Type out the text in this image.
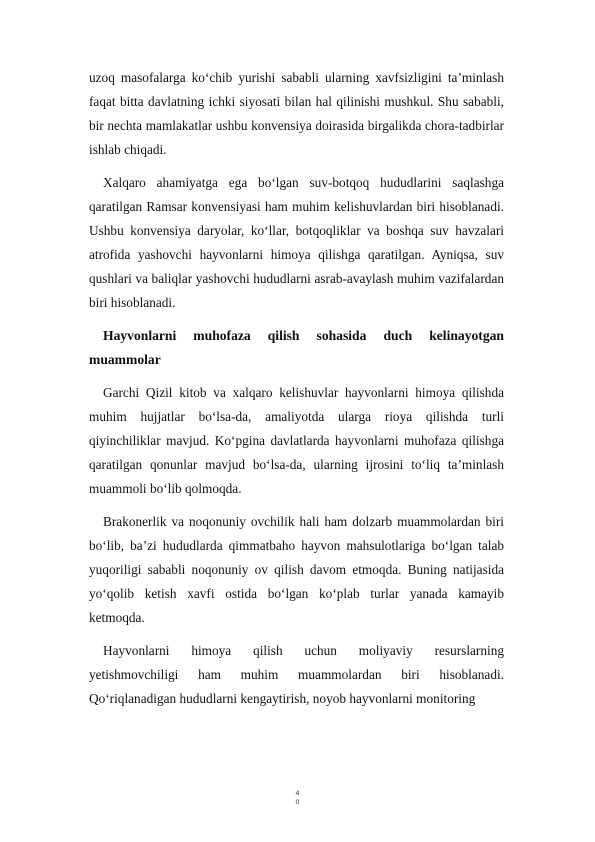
uzoq masofalarga ko‘chib yurishi sababli ularning xavfsizligini ta’minlash faqat bitta davlatning ichki siyosati bilan hal qilinishi mushkul. Shu sababli, bir nechta mamlakatlar ushbu konvensiya doirasida birgalikda chora-tadbirlar ishlab chiqadi.

Xalqaro ahamiyatga ega bo‘lgan suv-botqoq hududlarini saqlashga qaratilgan Ramsar konvensiyasi ham muhim kelishuvlardan biri hisoblanadi. Ushbu konvensiya daryolar, ko‘llar, botqoqliklar va boshqa suv havzalari atrofida yashovchi hayvonlarni himoya qilishga qaratilgan. Ayniqsa, suv qushlari va baliqlar yashovchi hududlarni asrab-avaylash muhim vazifalardan biri hisoblanadi.

Hayvonlarni muhofaza qilish sohasida duch kelinayotgan muammolar

Garchi Qizil kitob va xalqaro kelishuvlar hayvonlarni himoya qilishda muhim hujjatlar bo‘lsa-da, amaliyotda ularga rioya qilishda turli qiyinchiliklar mavjud. Ko‘pgina davlatlarda hayvonlarni muhofaza qilishga qaratilgan qonunlar mavjud bo‘lsa-da, ularning ijrosini to‘liq ta’minlash muammoli bo‘lib qolmoqda.

Brakonerlik va noqonuniy ovchilik hali ham dolzarb muammolardan biri bo‘lib, ba’zi hududlarda qimmatbaho hayvon mahsulotlariga bo‘lgan talab yuqoriligi sababli noqonuniy ov qilish davom etmoqda. Buning natijasida yo‘qolib ketish xavfi ostida bo‘lgan ko‘plab turlar yanada kamayib ketmoqda.

Hayvonlarni himoya qilish uchun moliyaviy resurslarning yetishmovchiligi ham muhim muammolardan biri hisoblanadi. Qo‘riqlanadigan hududlarni kengaytirish, noyob hayvonlarni monitoring

4
0
